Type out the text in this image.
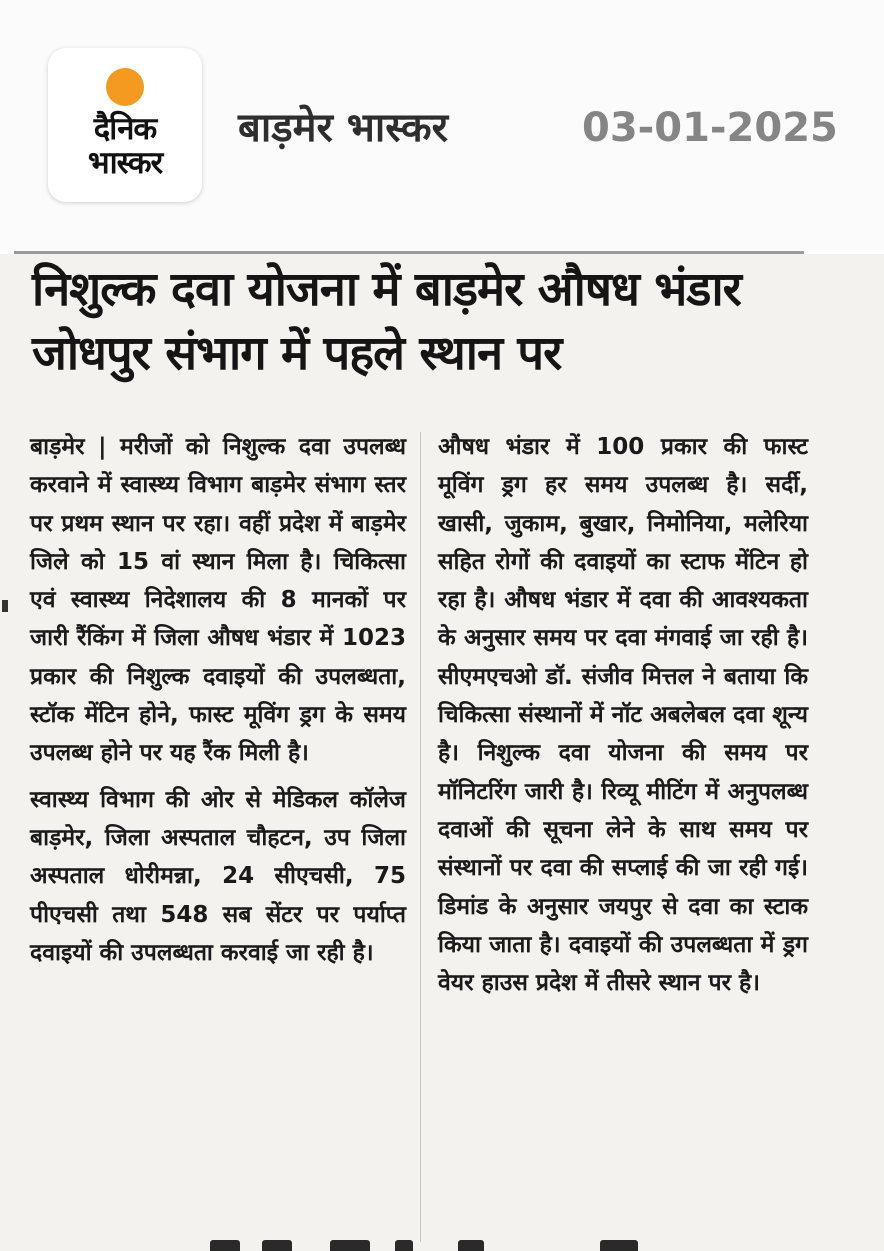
दैनिक
भास्कर
बाड़मेर भास्कर	03-01-2025
निशुल्क दवा योजना में बाड़मेर औषध भंडार जोधपुर संभाग में पहले स्थान पर

बाड़मेर | मरीजों को निशुल्क दवा उपलब्ध करवाने में स्वास्थ्य विभाग बाड़मेर संभाग स्तर पर प्रथम स्थान पर रहा। वहीं प्रदेश में बाड़मेर जिले को 15 वां स्थान मिला है। चिकित्सा एवं स्वास्थ्य निदेशालय की 8 मानकों पर जारी रैंकिंग में जिला औषध भंडार में 1023 प्रकार की निशुल्क दवाइयों की उपलब्धता, स्टॉक मेंटिन होने, फास्ट मूविंग ड्रग के समय उपलब्ध होने पर यह रैंक मिली है।

स्वास्थ्य विभाग की ओर से मेडिकल कॉलेज बाड़मेर, जिला अस्पताल चौहटन, उप जिला अस्पताल धोरीमन्ना, 24 सीएचसी, 75 पीएचसी तथा 548 सब सेंटर पर पर्याप्त दवाइयों की उपलब्धता करवाई जा रही है।

औषध भंडार में 100 प्रकार की फास्ट मूविंग ड्रग हर समय उपलब्ध है। सर्दी, खासी, जुकाम, बुखार, निमोनिया, मलेरिया सहित रोगों की दवाइयों का स्टाफ मेंटिन हो रहा है। औषध भंडार में दवा की आवश्यकता के अनुसार समय पर दवा मंगवाई जा रही है। सीएमएचओ डॉ. संजीव मित्तल ने बताया कि चिकित्सा संस्थानों में नॉट अबलेबल दवा शून्य है। निशुल्क दवा योजना की समय पर मॉनिटरिंग जारी है। रिव्यू मीटिंग में अनुपलब्ध दवाओं की सूचना लेने के साथ समय पर संस्थानों पर दवा की सप्लाई की जा रही गई। डिमांड के अनुसार जयपुर से दवा का स्टाक किया जाता है। दवाइयों की उपलब्धता में ड्रग वेयर हाउस प्रदेश में तीसरे स्थान पर है।
